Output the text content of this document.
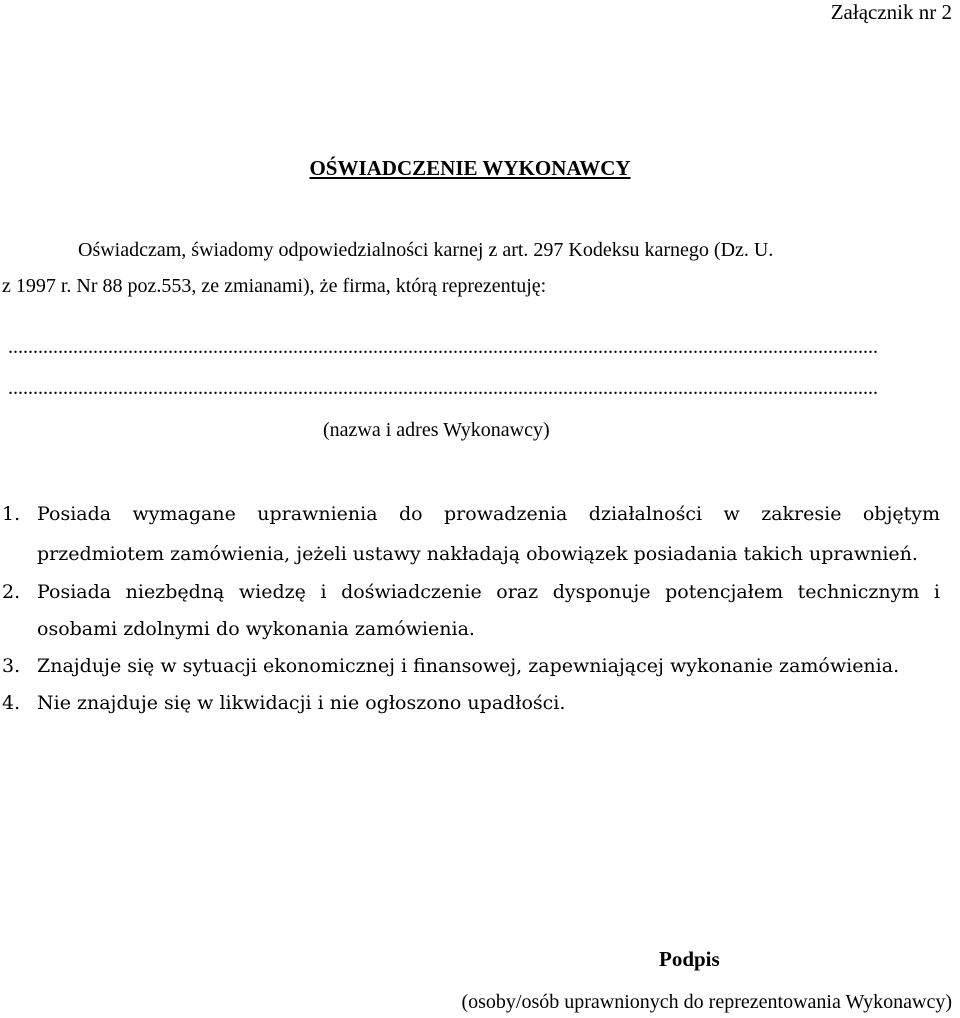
Załącznik nr 2
OŚWIADCZENIE WYKONAWCY
Oświadczam, świadomy odpowiedzialności karnej z art. 297 Kodeksu karnego (Dz. U.
z 1997 r. Nr 88 poz.553, ze zmianami), że firma, którą reprezentuję:
..............................................................................................................................................................................
..............................................................................................................................................................................
(nazwa i adres Wykonawcy)
1. Posiada wymagane uprawnienia do prowadzenia działalności w zakresie objętym przedmiotem zamówienia, jeżeli ustawy nakładają obowiązek posiadania takich uprawnień.
2. Posiada niezbędną wiedzę i doświadczenie oraz dysponuje potencjałem technicznym i osobami zdolnymi do wykonania zamówienia.
3. Znajduje się w sytuacji ekonomicznej i finansowej, zapewniającej wykonanie zamówienia.
4. Nie znajduje się w likwidacji i nie ogłoszono upadłości.
Podpis
(osoby/osób uprawnionych do reprezentowania Wykonawcy)
